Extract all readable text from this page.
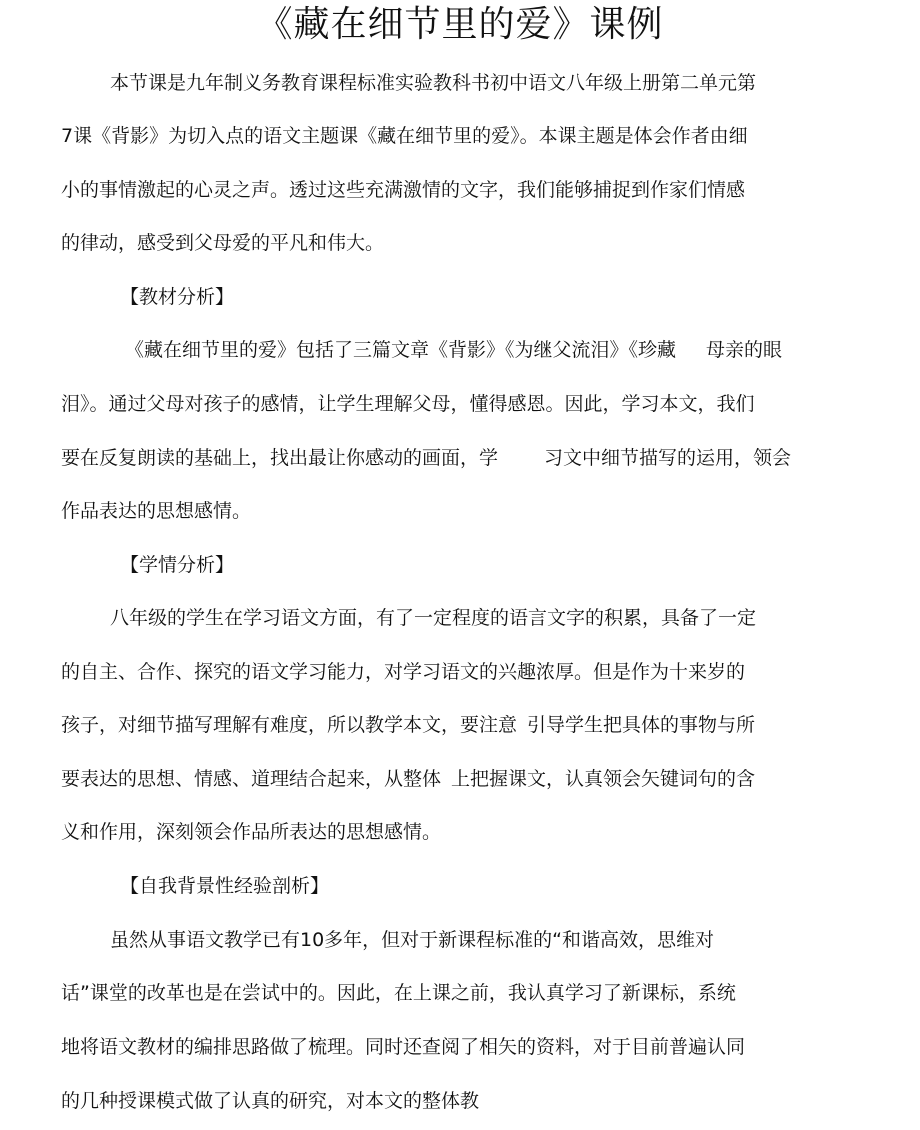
《藏在细节里的爱》课例
本节课是九年制义务教育课程标准实验教科书初中语文八年级上册第二单元第
7课《背影》为切入点的语文主题课《藏在细节里的爱》。本课主题是体会作者由细
小的事情激起的心灵之声。透过这些充满激情的文字，我们能够捕捉到作家们情感
的律动，感受到父母爱的平凡和伟大。
【教材分析】
《藏在细节里的爱》包括了三篇文章《背影》《为继父流泪》《珍藏 母亲的眼
泪》。通过父母对孩子的感情，让学生理解父母，懂得感恩。因此，学习本文，我们
要在反复朗读的基础上，找出最让你感动的画面，学 习文中细节描写的运用，领会
作品表达的思想感情。
【学情分析】
八年级的学生在学习语文方面，有了一定程度的语言文字的积累，具备了一定
的自主、合作、探究的语文学习能力，对学习语文的兴趣浓厚。但是作为十来岁的
孩子，对细节描写理解有难度，所以教学本文，要注意 引导学生把具体的事物与所
要表达的思想、情感、道理结合起来，从整体 上把握课文，认真领会矢键词句的含
义和作用，深刻领会作品所表达的思想感情。
【自我背景性经验剖析】
虽然从事语文教学已有10多年，但对于新课程标准的“和谐高效，思维对
话”课堂的改革也是在尝试中的。因此，在上课之前，我认真学习了新课标，系统
地将语文教材的编排思路做了梳理。同时还查阅了相矢的资料，对于目前普遍认同
的几种授课模式做了认真的研究，对本文的整体教
